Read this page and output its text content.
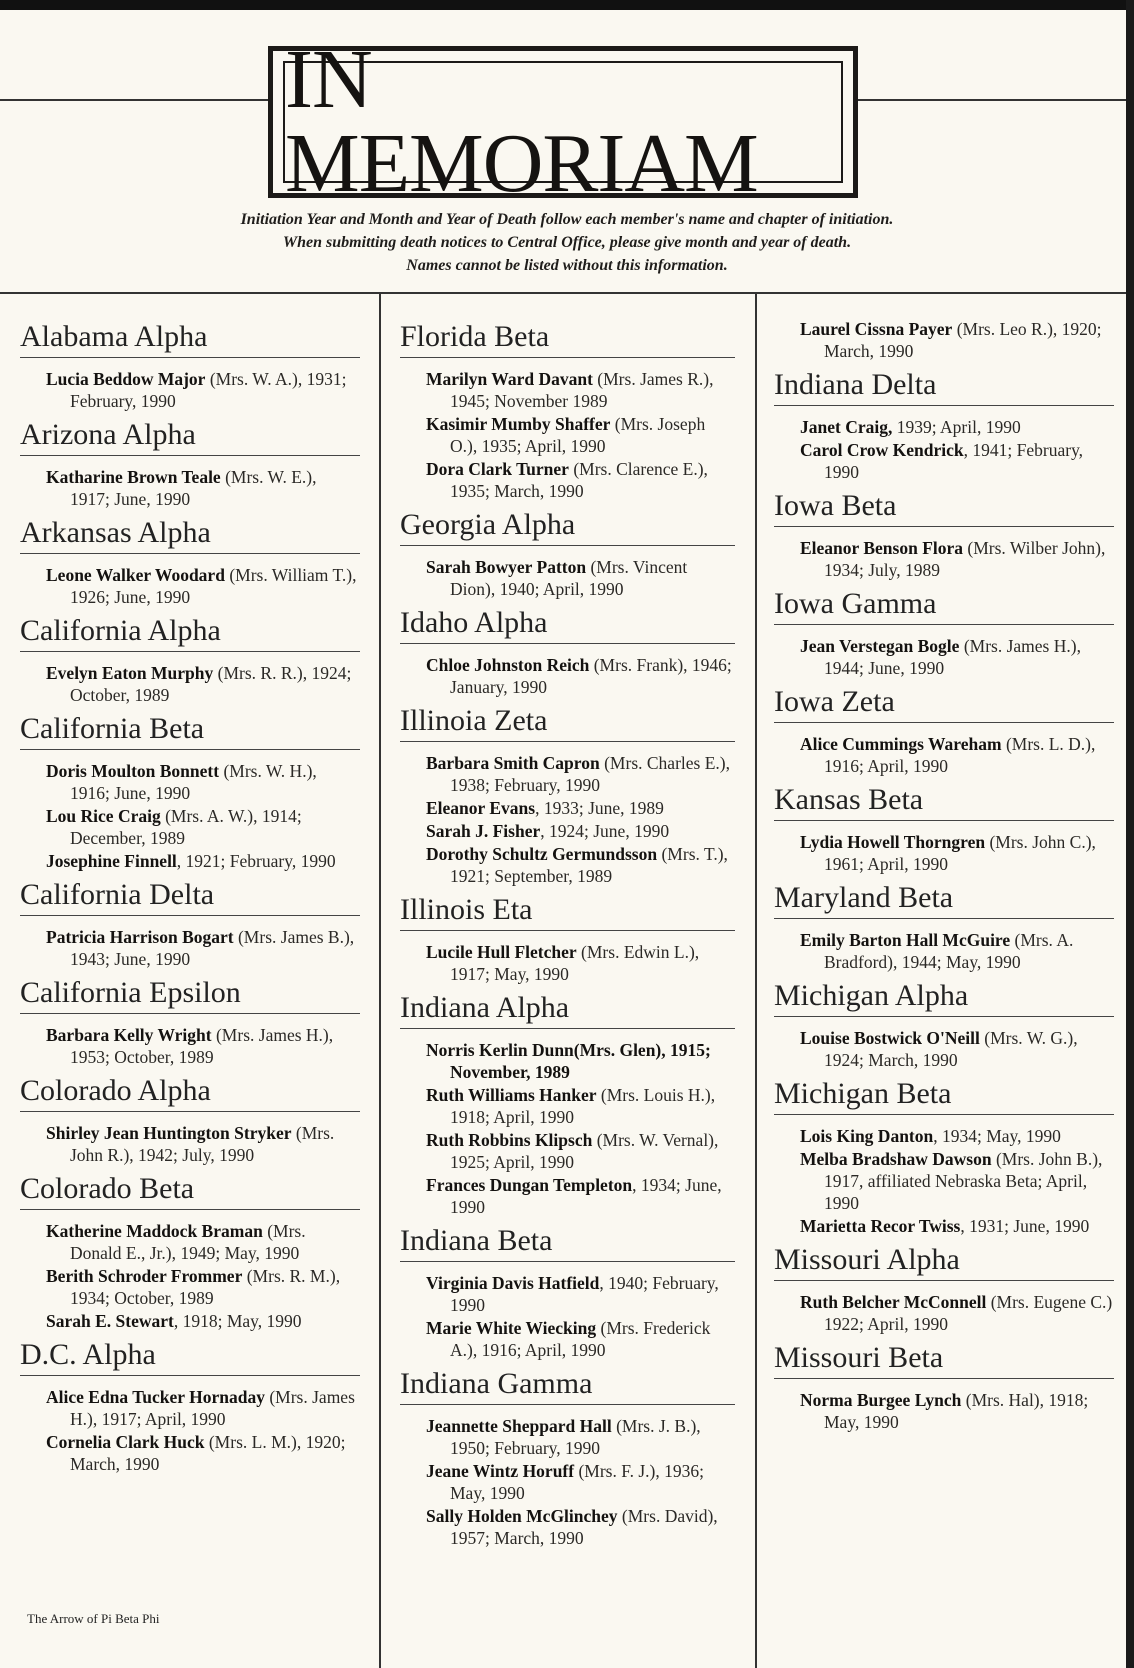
IN MEMORIAM
Initiation Year and Month and Year of Death follow each member's name and chapter of initiation.
When submitting death notices to Central Office, please give month and year of death.
Names cannot be listed without this information.
Alabama Alpha
Lucia Beddow Major (Mrs. W. A.), 1931; February, 1990
Arizona Alpha
Katharine Brown Teale (Mrs. W. E.), 1917; June, 1990
Arkansas Alpha
Leone Walker Woodard (Mrs. William T.), 1926; June, 1990
California Alpha
Evelyn Eaton Murphy (Mrs. R. R.), 1924; October, 1989
California Beta
Doris Moulton Bonnett (Mrs. W. H.), 1916; June, 1990
Lou Rice Craig (Mrs. A. W.), 1914; December, 1989
Josephine Finnell, 1921; February, 1990
California Delta
Patricia Harrison Bogart (Mrs. James B.), 1943; June, 1990
California Epsilon
Barbara Kelly Wright (Mrs. James H.), 1953; October, 1989
Colorado Alpha
Shirley Jean Huntington Stryker (Mrs. John R.), 1942; July, 1990
Colorado Beta
Katherine Maddock Braman (Mrs. Donald E., Jr.), 1949; May, 1990
Berith Schroder Frommer (Mrs. R. M.), 1934; October, 1989
Sarah E. Stewart, 1918; May, 1990
D.C. Alpha
Alice Edna Tucker Hornaday (Mrs. James H.), 1917; April, 1990
Cornelia Clark Huck (Mrs. L. M.), 1920; March, 1990
Florida Beta
Marilyn Ward Davant (Mrs. James R.), 1945; November 1989
Kasimir Mumby Shaffer (Mrs. Joseph O.), 1935; April, 1990
Dora Clark Turner (Mrs. Clarence E.), 1935; March, 1990
Georgia Alpha
Sarah Bowyer Patton (Mrs. Vincent Dion), 1940; April, 1990
Idaho Alpha
Chloe Johnston Reich (Mrs. Frank), 1946; January, 1990
Illinoia Zeta
Barbara Smith Capron (Mrs. Charles E.), 1938; February, 1990
Eleanor Evans, 1933; June, 1989
Sarah J. Fisher, 1924; June, 1990
Dorothy Schultz Germundsson (Mrs. T.), 1921; September, 1989
Illinois Eta
Lucile Hull Fletcher (Mrs. Edwin L.), 1917; May, 1990
Indiana Alpha
Norris Kerlin Dunn(Mrs. Glen), 1915; November, 1989
Ruth Williams Hanker (Mrs. Louis H.), 1918; April, 1990
Ruth Robbins Klipsch (Mrs. W. Vernal), 1925; April, 1990
Frances Dungan Templeton, 1934; June, 1990
Indiana Beta
Virginia Davis Hatfield, 1940; February, 1990
Marie White Wiecking (Mrs. Frederick A.), 1916; April, 1990
Indiana Gamma
Jeannette Sheppard Hall (Mrs. J. B.), 1950; February, 1990
Jeane Wintz Horuff (Mrs. F. J.), 1936; May, 1990
Sally Holden McGlinchey (Mrs. David), 1957; March, 1990
Laurel Cissna Payer (Mrs. Leo R.), 1920; March, 1990
Indiana Delta
Janet Craig, 1939; April, 1990
Carol Crow Kendrick, 1941; February, 1990
Iowa Beta
Eleanor Benson Flora (Mrs. Wilber John), 1934; July, 1989
Iowa Gamma
Jean Verstegan Bogle (Mrs. James H.), 1944; June, 1990
Iowa Zeta
Alice Cummings Wareham (Mrs. L. D.), 1916; April, 1990
Kansas Beta
Lydia Howell Thorngren (Mrs. John C.), 1961; April, 1990
Maryland Beta
Emily Barton Hall McGuire (Mrs. A. Bradford), 1944; May, 1990
Michigan Alpha
Louise Bostwick O'Neill (Mrs. W. G.), 1924; March, 1990
Michigan Beta
Lois King Danton, 1934; May, 1990
Melba Bradshaw Dawson (Mrs. John B.), 1917, affiliated Nebraska Beta; April, 1990
Marietta Recor Twiss, 1931; June, 1990
Missouri Alpha
Ruth Belcher McConnell (Mrs. Eugene C.) 1922; April, 1990
Missouri Beta
Norma Burgee Lynch (Mrs. Hal), 1918; May, 1990
The Arrow of Pi Beta Phi
